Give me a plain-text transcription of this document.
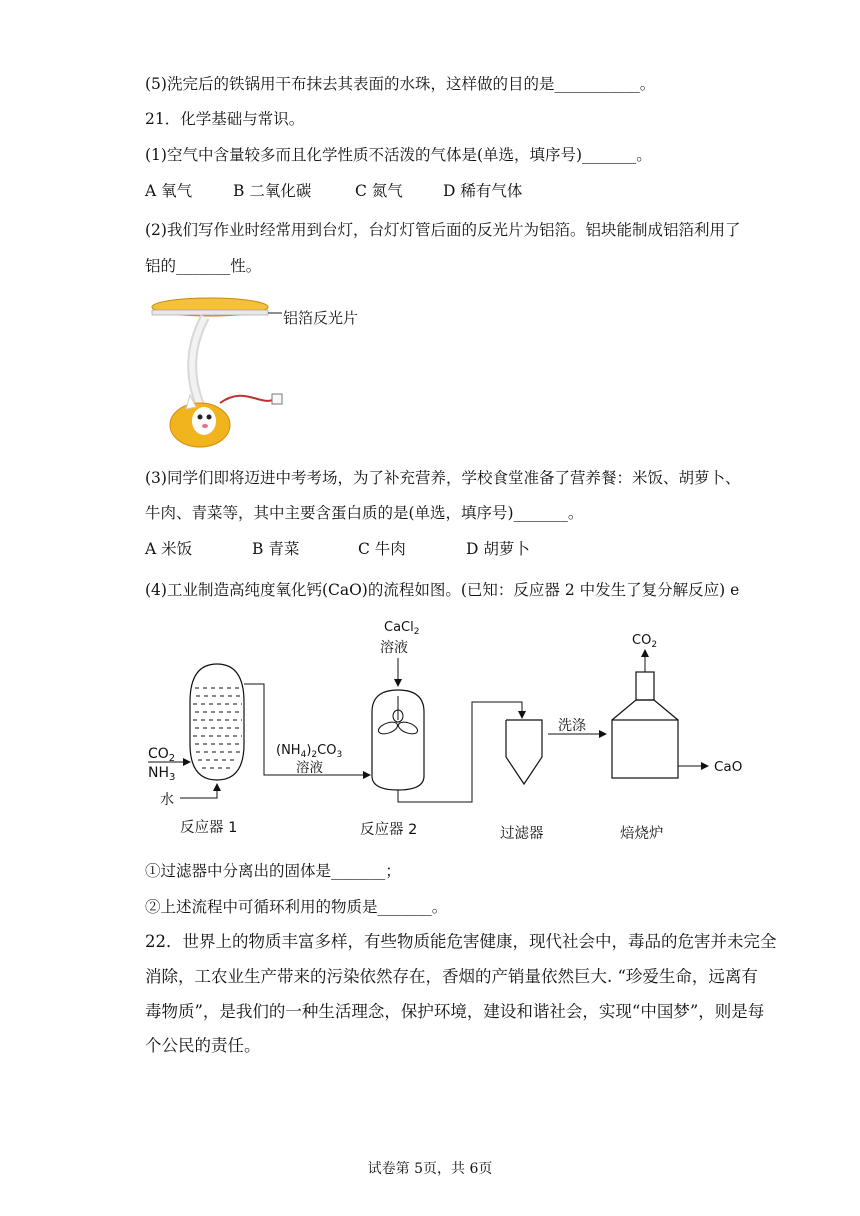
(5)洗完后的铁锅用干布抹去其表面的水珠，这样做的目的是___________。
21．化学基础与常识。
(1)空气中含量较多而且化学性质不活泼的气体是(单选，填序号)_______。
A 氧气	B 二氧化碳	C 氮气	D 稀有气体
(2)我们写作业时经常用到台灯，台灯灯管后面的反光片为铝箔。铝块能制成铝箔利用了
铝的_______性。
铝箔反光片
(3)同学们即将迈进中考考场，为了补充营养，学校食堂准备了营养餐：米饭、胡萝卜、
牛肉、青菜等，其中主要含蛋白质的是(单选，填序号)_______。
A 米饭	B 青菜	C 牛肉	D 胡萝卜
(4)工业制造高纯度氧化钙(CaO)的流程如图。(已知：反应器 2 中发生了复分解反应) e
$CO_2$
$NH_3$
水
反应器 1
$(NH_4)_2CO_3$
溶液
CaCl$_2$
溶液
反应器 2	过滤器
洗涤
$CO_2$
CaO
焙烧炉
①过滤器中分离出的固体是_______；
②上述流程中可循环利用的物质是_______。
22．世界上的物质丰富多样，有些物质能危害健康，现代社会中，毒品的危害并未完全
消除，工农业生产带来的污染依然存在，香烟的产销量依然巨大. “珍爱生命，远离有
毒物质”，是我们的一种生活理念，保护环境，建设和谐社会，实现“中国梦”，则是每
个公民的责任。
试卷第 5页，共 6页
